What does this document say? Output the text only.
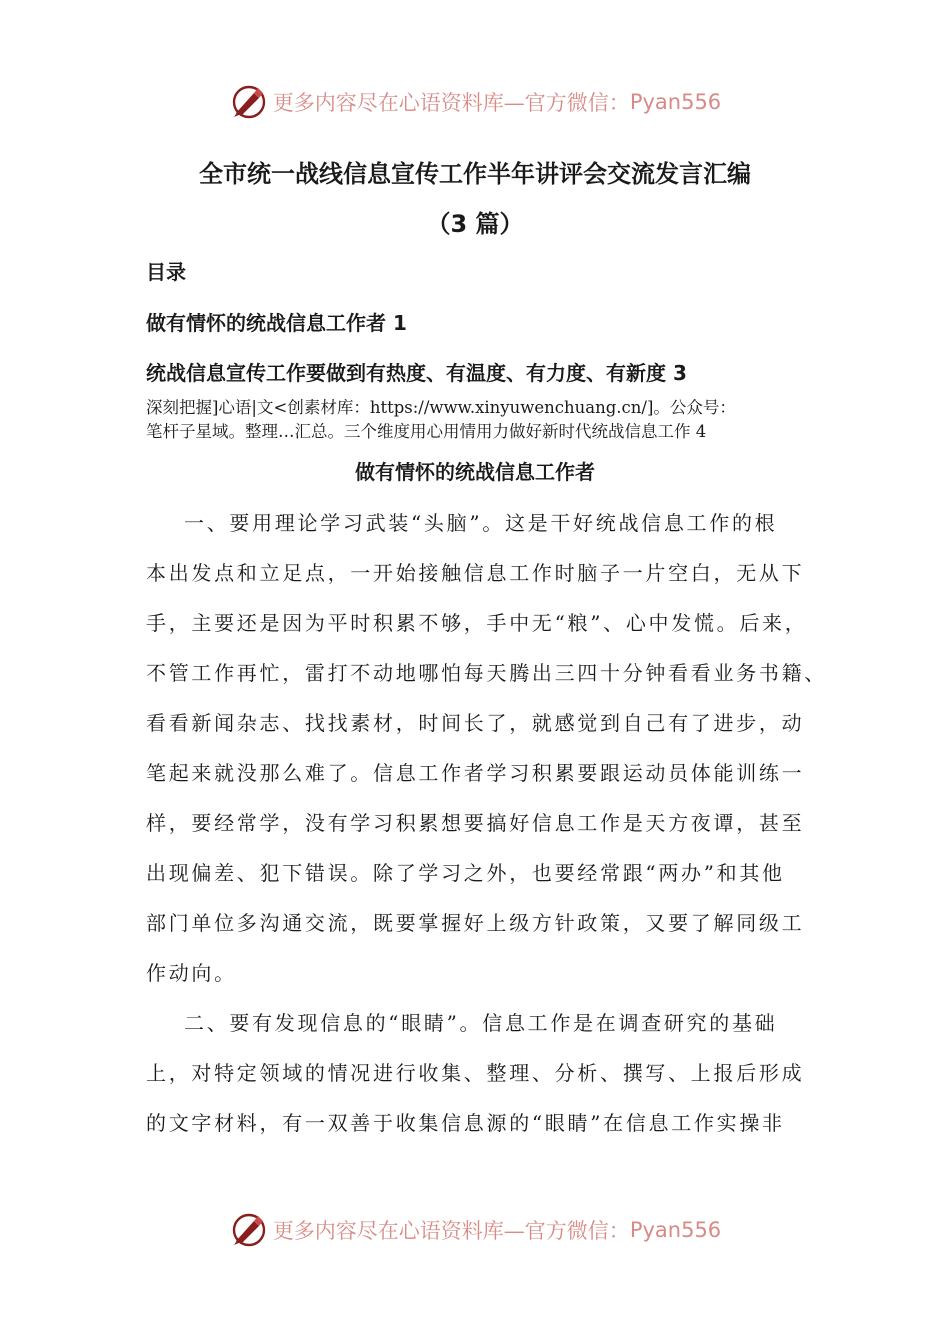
更多内容尽在心语资料库—官方微信： Pyan556

全市统一战线信息宣传工作半年讲评会交流发言汇编

（3 篇）

目录

做有情怀的统战信息工作者 1

统战信息宣传工作要做到有热度、有温度、有力度、有新度 3

深刻把握]心语|文<创素材库：https://www.xinyuwenchuang.cn/]。公众号：
笔杆子星域。整理…汇总。三个维度用心用情用力做好新时代统战信息工作 4

做有情怀的统战信息工作者

一、要用理论学习武装“头脑”。这是干好统战信息工作的根

本出发点和立足点，一开始接触信息工作时脑子一片空白，无从下

手，主要还是因为平时积累不够，手中无“粮”、心中发慌。后来，

不管工作再忙，雷打不动地哪怕每天腾出三四十分钟看看业务书籍、

看看新闻杂志、找找素材，时间长了，就感觉到自己有了进步，动

笔起来就没那么难了。信息工作者学习积累要跟运动员体能训练一

样，要经常学，没有学习积累想要搞好信息工作是天方夜谭，甚至

出现偏差、犯下错误。除了学习之外，也要经常跟“两办”和其他

部门单位多沟通交流，既要掌握好上级方针政策，又要了解同级工

作动向。

二、要有发现信息的“眼睛”。信息工作是在调查研究的基础

上，对特定领域的情况进行收集、整理、分析、撰写、上报后形成

的文字材料，有一双善于收集信息源的“眼睛”在信息工作实操非

更多内容尽在心语资料库—官方微信： Pyan556
